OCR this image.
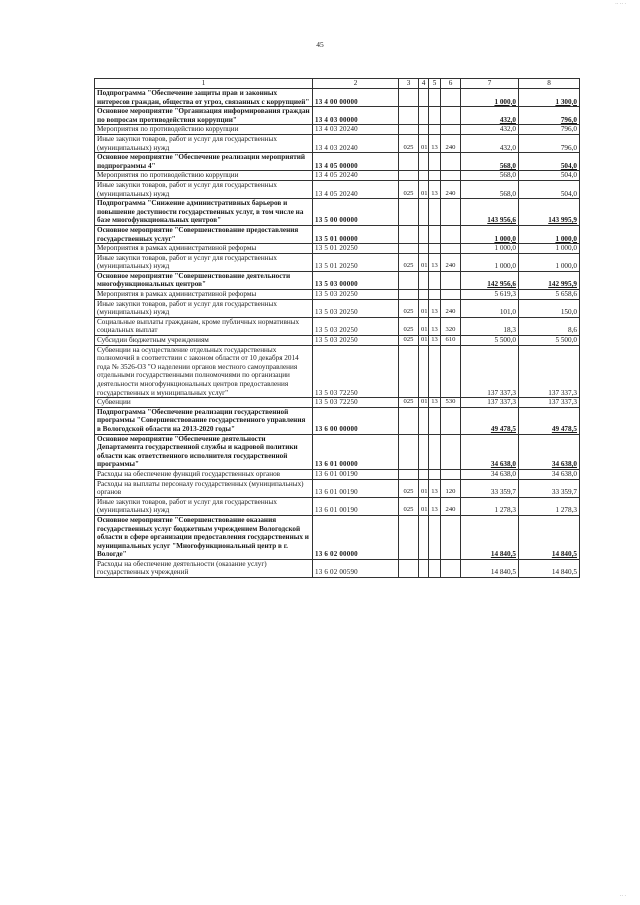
·· ·· ·
45
1	2	3	4	5	6	7	8
Подпрограмма "Обеспечение защиты прав и законных интересов граждан, общества от угроз, связанных с коррупцией"	13 4 00 00000					1 000,0	1 300,0
Основное мероприятие "Организация информирования граждан по вопросам противодействия коррупции"	13 4 03 00000					432,0	796,0
Мероприятия по противодействию коррупции	13 4 03 20240					432,0	796,0
Иные закупки товаров, работ и услуг для государственных (муниципальных) нужд	13 4 03 20240	025	01	13	240	432,0	796,0
Основное мероприятие "Обеспечение реализации мероприятий подпрограммы 4"	13 4 05 00000					568,0	504,0
Мероприятия по противодействию коррупции	13 4 05 20240					568,0	504,0
Иные закупки товаров, работ и услуг для государственных (муниципальных) нужд	13 4 05 20240	025	01	13	240	568,0	504,0
Подпрограмма "Снижение административных барьеров и повышение доступности государственных услуг, в том числе на базе многофункциональных центров"	13 5 00 00000					143 956,6	143 995,9
Основное мероприятие "Совершенствование предоставления государственных услуг"	13 5 01 00000					1 000,0	1 000,0
Мероприятия в рамках административной реформы	13 5 01 20250					1 000,0	1 000,0
Иные закупки товаров, работ и услуг для государственных (муниципальных) нужд	13 5 01 20250	025	01	13	240	1 000,0	1 000,0
Основное мероприятие "Совершенствование деятельности многофункциональных центров"	13 5 03 00000					142 956,6	142 995,9
Мероприятия в рамках административной реформы	13 5 03 20250					5 619,3	5 658,6
Иные закупки товаров, работ и услуг для государственных (муниципальных) нужд	13 5 03 20250	025	01	13	240	101,0	150,0
Социальные выплаты гражданам, кроме публичных нормативных социальных выплат	13 5 03 20250	025	01	13	320	18,3	8,6
Субсидии бюджетным учреждениям	13 5 03 20250	025	01	13	610	5 500,0	5 500,0
Субвенции на осуществление отдельных государственных полномочий в соответствии с законом области от 10 декабря 2014 года № 3526-ОЗ "О наделении органов местного самоуправления отдельными государственными полномочиями по организации деятельности многофункциональных центров предоставления государственных и муниципальных услуг"	13 5 03 72250					137 337,3	137 337,3
Субвенции	13 5 03 72250	025	01	13	530	137 337,3	137 337,3
Подпрограмма "Обеспечение реализации государственной программы "Совершенствование государственного управления в Вологодской области на 2013-2020 годы"	13 6 00 00000					49 478,5	49 478,5
Основное мероприятие "Обеспечение деятельности Департамента государственной службы и кадровой политики области как ответственного исполнителя государственной программы"	13 6 01 00000					34 638,0	34 638,0
Расходы на обеспечение функций государственных органов	13 6 01 00190					34 638,0	34 638,0
Расходы на выплаты персоналу государственных (муниципальных) органов	13 6 01 00190	025	01	13	120	33 359,7	33 359,7
Иные закупки товаров, работ и услуг для государственных (муниципальных) нужд	13 6 01 00190	025	01	13	240	1 278,3	1 278,3
Основное мероприятие "Совершенствование оказания государственных услуг бюджетным учреждением Вологодской области в сфере организации предоставления государственных и муниципальных услуг "Многофункциональный центр в г. Вологде"	13 6 02 00000					14 840,5	14 840,5
Расходы на обеспечение деятельности (оказание услуг) государственных учреждений	13 6 02 00590					14 840,5	14 840,5
·· ·
